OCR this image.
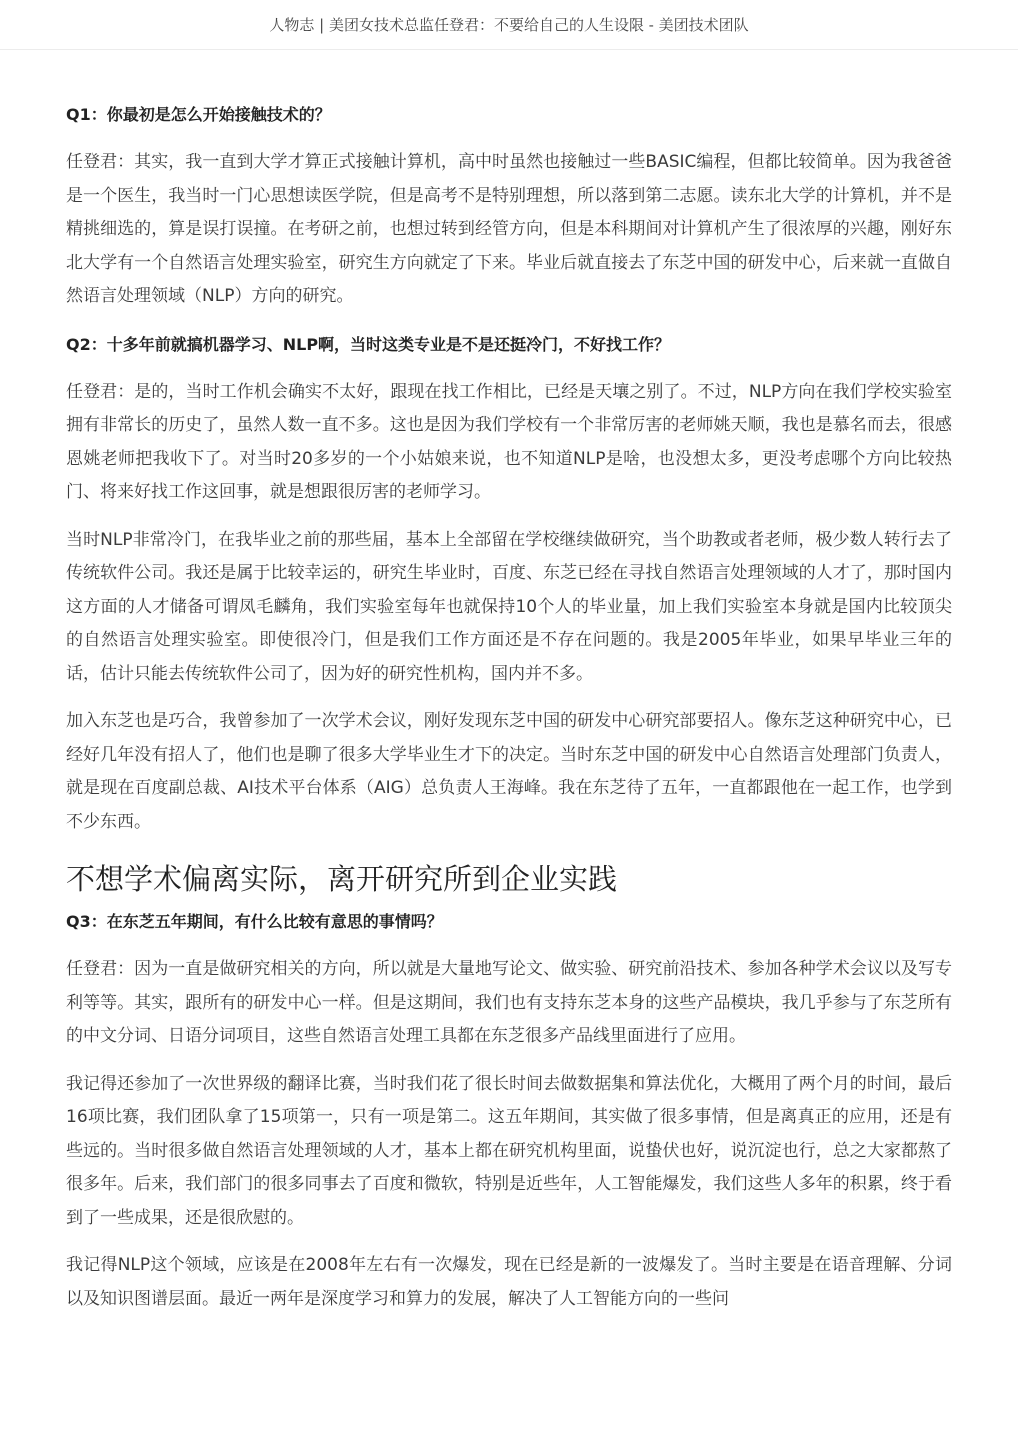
人物志 | 美团女技术总监任登君：不要给自己的人生设限 - 美团技术团队

Q1：你最初是怎么开始接触技术的？

任登君：其实，我一直到大学才算正式接触计算机，高中时虽然也接触过一些BASIC编程，但都比较简单。因为我爸爸是一个医生，我当时一门心思想读医学院，但是高考不是特别理想，所以落到第二志愿。读东北大学的计算机，并不是精挑细选的，算是误打误撞。在考研之前，也想过转到经管方向，但是本科期间对计算机产生了很浓厚的兴趣，刚好东北大学有一个自然语言处理实验室，研究生方向就定了下来。毕业后就直接去了东芝中国的研发中心，后来就一直做自然语言处理领域（NLP）方向的研究。

Q2：十多年前就搞机器学习、NLP啊，当时这类专业是不是还挺冷门，不好找工作？

任登君：是的，当时工作机会确实不太好，跟现在找工作相比，已经是天壤之别了。不过，NLP方向在我们学校实验室拥有非常长的历史了，虽然人数一直不多。这也是因为我们学校有一个非常厉害的老师姚天顺，我也是慕名而去，很感恩姚老师把我收下了。对当时20多岁的一个小姑娘来说，也不知道NLP是啥，也没想太多，更没考虑哪个方向比较热门、将来好找工作这回事，就是想跟很厉害的老师学习。

当时NLP非常冷门，在我毕业之前的那些届，基本上全部留在学校继续做研究，当个助教或者老师，极少数人转行去了传统软件公司。我还是属于比较幸运的，研究生毕业时，百度、东芝已经在寻找自然语言处理领域的人才了，那时国内这方面的人才储备可谓凤毛麟角，我们实验室每年也就保持10个人的毕业量，加上我们实验室本身就是国内比较顶尖的自然语言处理实验室。即使很冷门，但是我们工作方面还是不存在问题的。我是2005年毕业，如果早毕业三年的话，估计只能去传统软件公司了，因为好的研究性机构，国内并不多。

加入东芝也是巧合，我曾参加了一次学术会议，刚好发现东芝中国的研发中心研究部要招人。像东芝这种研究中心，已经好几年没有招人了，他们也是聊了很多大学毕业生才下的决定。当时东芝中国的研发中心自然语言处理部门负责人，就是现在百度副总裁、AI技术平台体系（AIG）总负责人王海峰。我在东芝待了五年，一直都跟他在一起工作，也学到不少东西。

不想学术偏离实际，离开研究所到企业实践

Q3：在东芝五年期间，有什么比较有意思的事情吗？

任登君：因为一直是做研究相关的方向，所以就是大量地写论文、做实验、研究前沿技术、参加各种学术会议以及写专利等等。其实，跟所有的研发中心一样。但是这期间，我们也有支持东芝本身的这些产品模块，我几乎参与了东芝所有的中文分词、日语分词项目，这些自然语言处理工具都在东芝很多产品线里面进行了应用。

我记得还参加了一次世界级的翻译比赛，当时我们花了很长时间去做数据集和算法优化，大概用了两个月的时间，最后16项比赛，我们团队拿了15项第一，只有一项是第二。这五年期间，其实做了很多事情，但是离真正的应用，还是有些远的。当时很多做自然语言处理领域的人才，基本上都在研究机构里面，说蛰伏也好，说沉淀也行，总之大家都熬了很多年。后来，我们部门的很多同事去了百度和微软，特别是近些年，人工智能爆发，我们这些人多年的积累，终于看到了一些成果，还是很欣慰的。

我记得NLP这个领域，应该是在2008年左右有一次爆发，现在已经是新的一波爆发了。当时主要是在语音理解、分词以及知识图谱层面。最近一两年是深度学习和算力的发展，解决了人工智能方向的一些问
